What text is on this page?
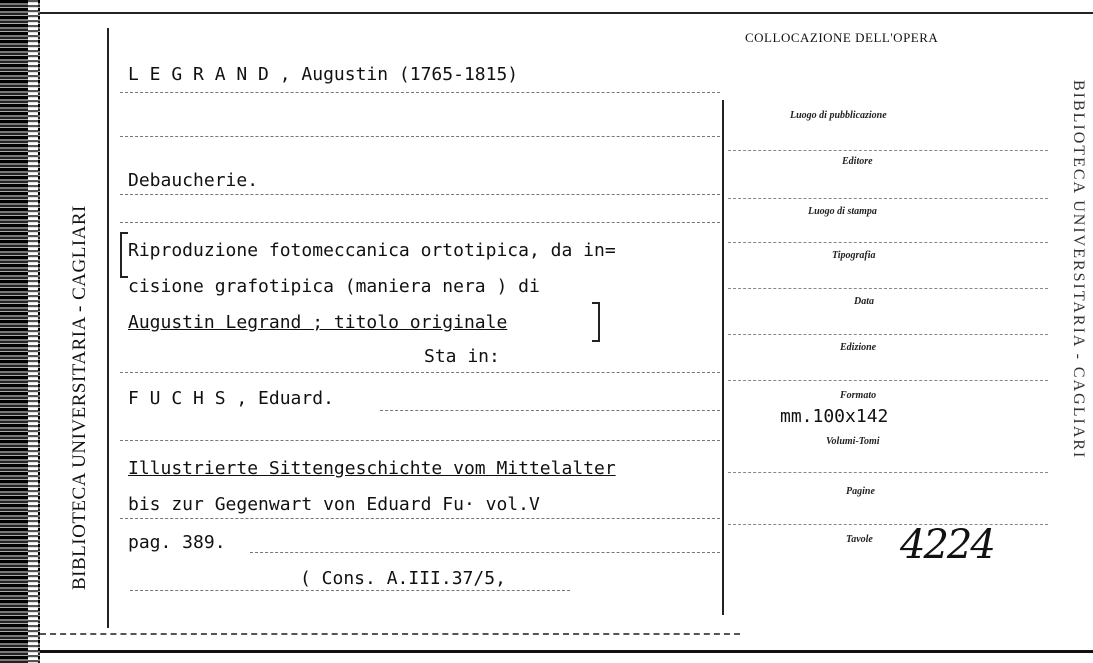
BIBLIOTECA UNIVERSITARIA - CAGLIARI
COLLOCAZIONE DELL'OPERA
L E G R A N D , Augustin (1765-1815)
Debaucherie.
Riproduzione fotomeccanica ortotipica, da in=
cisione grafotipica (maniera nera ) di
Augustin Legrand ; titolo originale
Sta in:
F U C H S , Eduard.
Illustrierte Sittengeschichte vom Mittelalter
bis zur Gegenwart von Eduard Fu· vol.V
pag. 389.
( Cons. A.III.37/5,
Luogo di pubblicazione
Editore
Luogo di stampa
Tipografia
Data
Edizione
Formato
mm.100x142
Volumi-Tomi
Pagine
Tavole 4224
BIBLIOTECA UNIVERSITARIA - CAGLIARI
